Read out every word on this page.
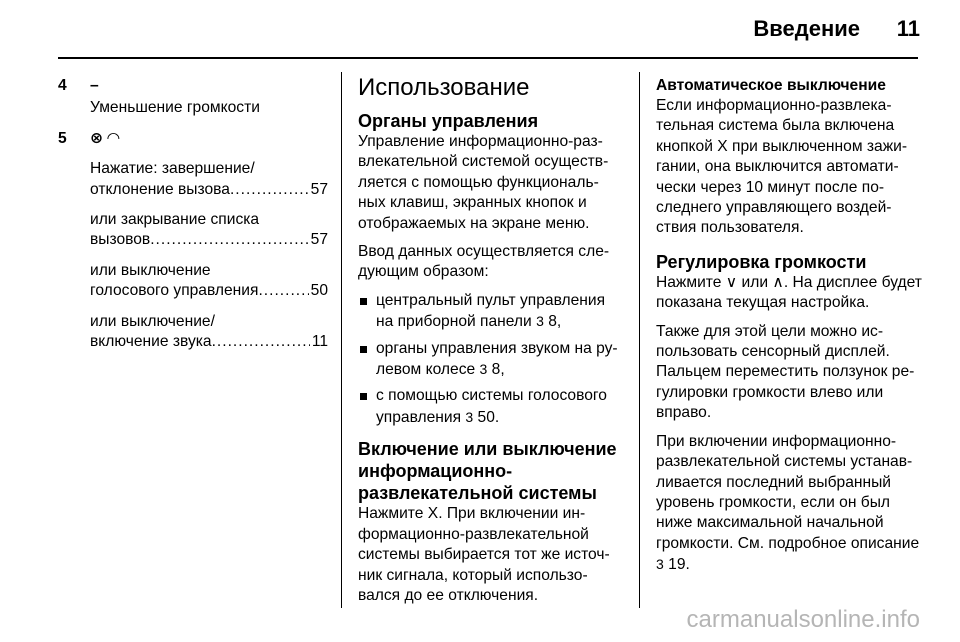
Введение 11
4 –
Уменьшение громкости
5 ⊗ ◠
Нажатие: завершение/
отклонение вызова .....	57
или закрывание списка
вызовов .....	57
или выключение
голосового управления .....	50
или выключение/
включение звука .....	11
Использование
Органы управления

Управление информационно-развлекательной системой осуществляется с помощью функциональных клавиш, экранных кнопок и отображаемых на экране меню.

Ввод данных осуществляется следующим образом:

центральный пульт управления на приборной панели 3 8,
органы управления звуком на рулевом колесе 3 8,
с помощью системы голосового управления 3 50.
Включение или выключение информационно-развлекательной системы

Нажмите X. При включении информационно-развлекательной системы выбирается тот же источник сигнала, который использовался до ее отключения.

Автоматическое выключение

Если информационно-развлекательная система была включена кнопкой X при выключенном зажигании, она выключится автоматически через 10 минут после последнего управляющего воздействия пользователя.

Регулировка громкости

Нажмите ∨ или ∧. На дисплее будет показана текущая настройка.

Также для этой цели можно использовать сенсорный дисплей. Пальцем переместить ползунок регулировки громкости влево или вправо.

При включении информационно-развлекательной системы устанавливается последний выбранный уровень громкости, если он был ниже максимальной начальной громкости. См. подробное описание 3 19.

carmanualsonline.info
